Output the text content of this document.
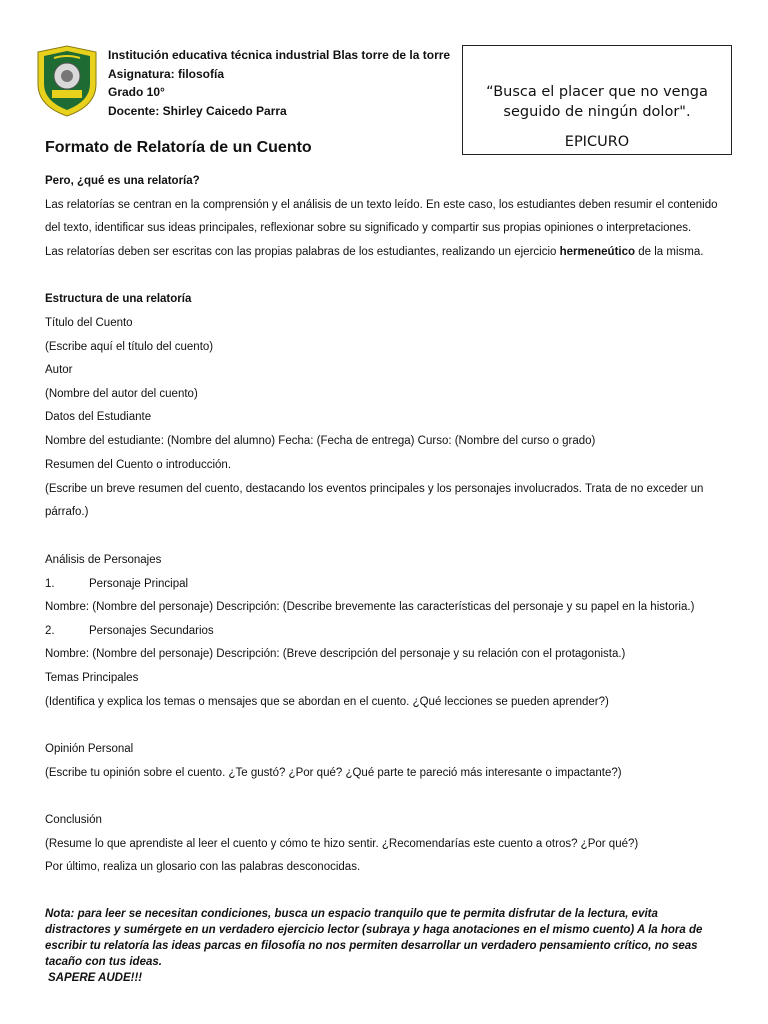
Institución educativa técnica industrial Blas torre de la torre
Asignatura: filosofía
Grado 10°
Docente: Shirley Caicedo Parra
“Busca el placer que no venga seguido de ningún dolor".
EPICURO
Formato de Relatoría de un Cuento
Pero, ¿qué es una relatoría?
Las relatorías se centran en la comprensión y el análisis de un texto leído. En este caso, los estudiantes deben resumir el contenido
del texto, identificar sus ideas principales, reflexionar sobre su significado y compartir sus propias opiniones o interpretaciones.
Las relatorías deben ser escritas con las propias palabras de los estudiantes, realizando un ejercicio hermeneútico de la misma.
Estructura de una relatoría
Título del Cuento
(Escribe aquí el título del cuento)
Autor
(Nombre del autor del cuento)
Datos del Estudiante
Nombre del estudiante: (Nombre del alumno) Fecha: (Fecha de entrega) Curso: (Nombre del curso o grado)
Resumen del Cuento o introducción.
(Escribe un breve resumen del cuento, destacando los eventos principales y los personajes involucrados. Trata de no exceder un
párrafo.)
Análisis de Personajes
1.	Personaje Principal
Nombre: (Nombre del personaje) Descripción: (Describe brevemente las características del personaje y su papel en la historia.)
2.	Personajes Secundarios
Nombre: (Nombre del personaje) Descripción: (Breve descripción del personaje y su relación con el protagonista.)
Temas Principales
(Identifica y explica los temas o mensajes que se abordan en el cuento. ¿Qué lecciones se pueden aprender?)
Opinión Personal
(Escribe tu opinión sobre el cuento. ¿Te gustó? ¿Por qué? ¿Qué parte te pareció más interesante o impactante?)
Conclusión
(Resume lo que aprendiste al leer el cuento y cómo te hizo sentir. ¿Recomendarías este cuento a otros? ¿Por qué?)
Por último, realiza un glosario con las palabras desconocidas.
Nota: para leer se necesitan condiciones, busca un espacio tranquilo que te permita disfrutar de la lectura, evita distractores y sumérgete en un verdadero ejercicio lector (subraya y haga anotaciones en el mismo cuento) A la hora de escribir tu relatoría las ideas parcas en filosofía no nos permiten desarrollar un verdadero pensamiento crítico, no seas tacaño con tus ideas.
SAPERE AUDE!!!
